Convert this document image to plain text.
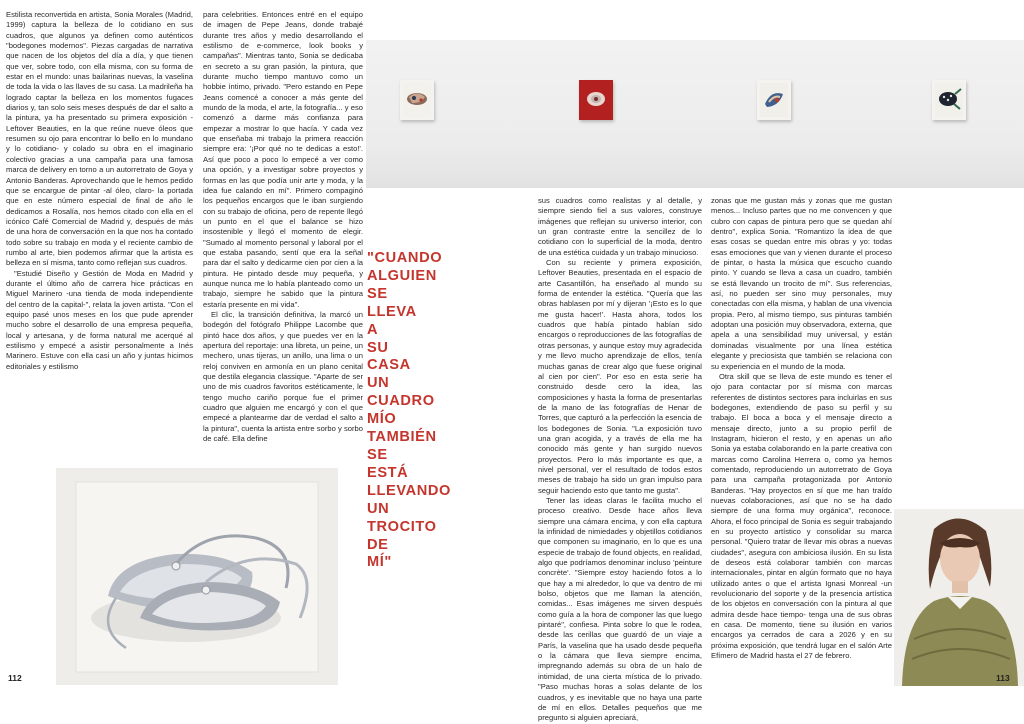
Estilista reconvertida en artista, Sonia Morales (Madrid, 1999) captura la belleza de lo cotidiano en sus cuadros, que algunos ya definen como auténticos "bodegones modernos". Piezas cargadas de narrativa que nacen de los objetos del día a día, y que tienen que ver, sobre todo, con ella misma, con su forma de estar en el mundo: unas bailarinas nuevas, la vaselina de toda la vida o las llaves de su casa. La madrileña ha logrado captar la belleza en los momentos fugaces diarios y, tan solo seis meses después de dar el salto a la pintura, ya ha presentado su primera exposición -Leftover Beauties, en la que reúne nueve óleos que resumen su ojo para encontrar lo bello en lo mundano y lo cotidiano- y colado su obra en el imaginario colectivo gracias a una campaña para una famosa marca de delivery en torno a un autorretrato de Goya y Antonio Banderas. Aprovechando que le hemos pedido que se encargue de pintar -al óleo, claro- la portada que en este número especial de final de año le dedicamos a Rosalía, nos hemos citado con ella en el icónico Café Comercial de Madrid y, después de más de una hora de conversación en la que nos ha contado todo sobre su trabajo en moda y el reciente cambio de rumbo al arte, bien podemos afirmar que la artista es belleza en sí misma, tanto como reflejan sus cuadros.

"Estudié Diseño y Gestión de Moda en Madrid y durante el último año de carrera hice prácticas en Miguel Marinero -una tienda de moda independiente del centro de la capital-", relata la joven artista. "Con el equipo pasé unos meses en los que pude aprender mucho sobre el desarrollo de una empresa pequeña, local y artesana, y de forma natural me acerqué al estilismo y empecé a asistir personalmente a Inés Marinero. Estuve con ella casi un año y juntas hicimos editoriales y estilismo

para celebrities. Entonces entré en el equipo de imagen de Pepe Jeans, donde trabajé durante tres años y medio desarrollando el estilismo de e-commerce, look books y campañas". Mientras tanto, Sonia se dedicaba en secreto a su gran pasión, la pintura, que durante mucho tiempo mantuvo como un hobbie íntimo, privado. "Pero estando en Pepe Jeans comencé a conocer a más gente del mundo de la moda, el arte, la fotografía... y eso comenzó a darme más confianza para empezar a mostrar lo que hacía. Y cada vez que enseñaba mi trabajo la primera reacción siempre era: '¡Por qué no te dedicas a esto!'. Así que poco a poco lo empecé a ver como una opción, y a investigar sobre proyectos y formas en las que podía unir arte y moda, y la idea fue calando en mí". Primero compaginó los pequeños encargos que le iban surgiendo con su trabajo de oficina, pero de repente llegó un punto en el que el balance se hizo insostenible y llegó el momento de elegir. "Sumado al momento personal y laboral por el que estaba pasando, sentí que era la señal para dar el salto y dedicarme cien por cien a la pintura. He pintado desde muy pequeña, y aunque nunca me lo había planteado como un trabajo, siempre he sabido que la pintura estaría presente en mi vida".

El clic, la transición definitiva, la marcó un bodegón del fotógrafo Philippe Lacombe que pintó hace dos años, y que puedes ver en la apertura del reportaje: una libreta, un peine, un mechero, unas tijeras, un anillo, una lima o un reloj conviven en armonía en un plano cenital que destila elegancia classique. "Aparte de ser uno de mis cuadros favoritos estéticamente, le tengo mucho cariño porque fue el primer cuadro que alguien me encargó y con el que empecé a plantearme dar de verdad el salto a la pintura", cuenta la artista entre sorbo y sorbo de café. Ella define

"CUANDO
ALGUIEN
SE
LLEVA
A
SU
CASA
UN
CUADRO
MÍO
TAMBIÉN
SE
ESTÁ
LLEVANDO
UN
TROCITO
DE
MÍ"

sus cuadros como realistas y al detalle, y siempre siendo fiel a sus valores, construye imágenes que reflejan su universo interior, con un gran contraste entre la sencillez de lo cotidiano con lo superficial de la moda, dentro de una estética cuidada y un trabajo minucioso.

Con su reciente y primera exposición, Leftover Beauties, presentada en el espacio de arte Casantillón, ha enseñado al mundo su forma de entender la estética. "Quería que las obras hablasen por mí y dijeran '¡Esto es lo que me gusta hacer!'. Hasta ahora, todos los cuadros que había pintado habían sido encargos o reproducciones de las fotografías de otras personas, y aunque estoy muy agradecida y me llevo mucho aprendizaje de ellos, tenía muchas ganas de crear algo que fuese original al cien por cien". Por eso en esta serie ha construido desde cero la idea, las composiciones y hasta la forma de presentarlas de la mano de las fotografías de Henar de Torres, que capturó a la perfección la esencia de los bodegones de Sonia. "La exposición tuvo una gran acogida, y a través de ella me ha conocido más gente y han surgido nuevos proyectos. Pero lo más importante es que, a nivel personal, ver el resultado de todos estos meses de trabajo ha sido un gran impulso para seguir haciendo esto que tanto me gusta".

Tener las ideas claras le facilita mucho el proceso creativo. Desde hace años lleva siempre una cámara encima, y con ella captura la infinidad de nimiedades y objetillos cotidianos que componen su imaginario, en lo que es una especie de trabajo de found objects, en realidad, algo que podríamos denominar incluso 'peinture concrète'. "Siempre estoy haciendo fotos a lo que hay a mi alrededor, lo que va dentro de mi bolso, objetos que me llaman la atención, comidas... Esas imágenes me sirven después como guía a la hora de componer las que luego pintaré", confiesa. Pinta sobre lo que le rodea, desde las cerillas que guardó de un viaje a París, la vaselina que ha usado desde pequeña o la cámara que lleva siempre encima, impregnando además su obra de un halo de intimidad, de una cierta mística de lo privado. "Paso muchas horas a solas delante de los cuadros, y es inevitable que no haya una parte de mí en ellos. Detalles pequeños que me pregunto si alguien apreciará,

zonas que me gustan más y zonas que me gustan menos... Incluso partes que no me convencen y que cubro con capas de pintura pero que se quedan ahí dentro", explica Sonia. "Romantizo la idea de que esas cosas se quedan entre mis obras y yo: todas esas emociones que van y vienen durante el proceso de pintar, o hasta la música que escucho cuando pinto. Y cuando se lleva a casa un cuadro, también se está llevando un trocito de mí". Sus referencias, así, no pueden ser sino muy personales, muy conectadas con ella misma, y hablan de una vivencia propia. Pero, al mismo tiempo, sus pinturas también adoptan una posición muy observadora, externa, que apela a una sensibilidad muy universal, y están dominadas visualmente por una línea estética elegante y preciosista que también se relaciona con su experiencia en el mundo de la moda.

Otra skill que se lleva de este mundo es tener el ojo para contactar por sí misma con marcas referentes de distintos sectores para incluirlas en sus bodegones, extendiendo de paso su perfil y su trabajo. El boca a boca y el mensaje directo a mensaje directo, junto a su propio perfil de Instagram, hicieron el resto, y en apenas un año Sonia ya estaba colaborando en la parte creativa con marcas como Carolina Herrera o, como ya hemos comentado, reproduciendo un autorretrato de Goya para una campaña protagonizada por Antonio Banderas. "Hay proyectos en sí que me han traído nuevas colaboraciones, así que no se ha dado siempre de una forma muy orgánica", reconoce. Ahora, el foco principal de Sonia es seguir trabajando en su proyecto artístico y consolidar su marca personal. "Quiero tratar de llevar mis obras a nuevas ciudades", asegura con ambiciosa ilusión. En su lista de deseos está colaborar también con marcas internacionales, pintar en algún formato que no haya utilizado antes o que el artista Ignasi Monreal -un revolucionario del soporte y de la presencia artística de los objetos en conversación con la pintura al que admira desde hace tiempo- tenga una de sus obras en casa. De momento, tiene su ilusión en varios encargos ya cerrados de cara a 2026 y en su próxima exposición, que tendrá lugar en el salón Arte Efímero de Madrid hasta el 27 de febrero.

112	113
